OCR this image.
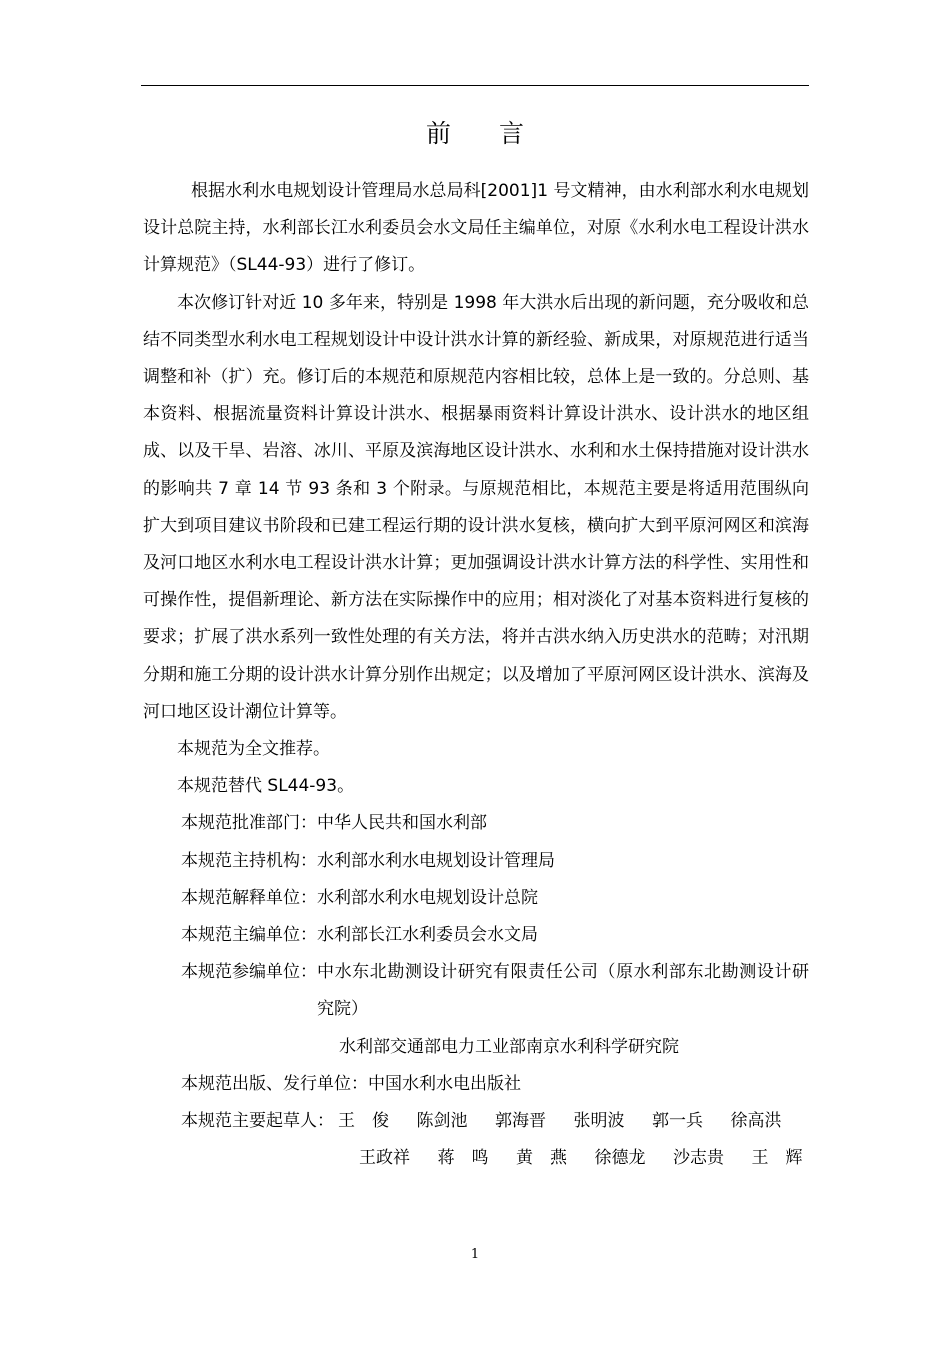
前言

根据水利水电规划设计管理局水总局科[2001]1 号文精神，由水利部水利水电规划设计总院主持，水利部长江水利委员会水文局任主编单位，对原《水利水电工程设计洪水计算规范》（SL44-93）进行了修订。

本次修订针对近 10 多年来，特别是 1998 年大洪水后出现的新问题，充分吸收和总结不同类型水利水电工程规划设计中设计洪水计算的新经验、新成果，对原规范进行适当调整和补（扩）充。修订后的本规范和原规范内容相比较，总体上是一致的。分总则、基本资料、根据流量资料计算设计洪水、根据暴雨资料计算设计洪水、设计洪水的地区组成、以及干旱、岩溶、冰川、平原及滨海地区设计洪水、水利和水土保持措施对设计洪水的影响共 7 章 14 节 93 条和 3 个附录。与原规范相比，本规范主要是将适用范围纵向扩大到项目建议书阶段和已建工程运行期的设计洪水复核，横向扩大到平原河网区和滨海及河口地区水利水电工程设计洪水计算；更加强调设计洪水计算方法的科学性、实用性和可操作性，提倡新理论、新方法在实际操作中的应用；相对淡化了对基本资料进行复核的要求；扩展了洪水系列一致性处理的有关方法，将并古洪水纳入历史洪水的范畴；对汛期分期和施工分期的设计洪水计算分别作出规定；以及增加了平原河网区设计洪水、滨海及河口地区设计潮位计算等。

本规范为全文推荐。

本规范替代 SL44-93。

本规范批准部门： 中华人民共和国水利部
本规范主持机构： 水利部水利水电规划设计管理局
本规范解释单位： 水利部水利水电规划设计总院
本规范主编单位： 水利部长江水利委员会水文局
本规范参编单位： 中水东北勘测设计研究有限责任公司（原水利部东北勘测设计研究院）
水利部交通部电力工业部南京水利科学研究院
本规范出版、发行单位： 中国水利水电出版社
本规范主要起草人： 王　俊	陈剑池	郭海晋	张明波	郭一兵	徐高洪
王政祥	蒋　鸣	黄　燕	徐德龙	沙志贵	王　辉
1
